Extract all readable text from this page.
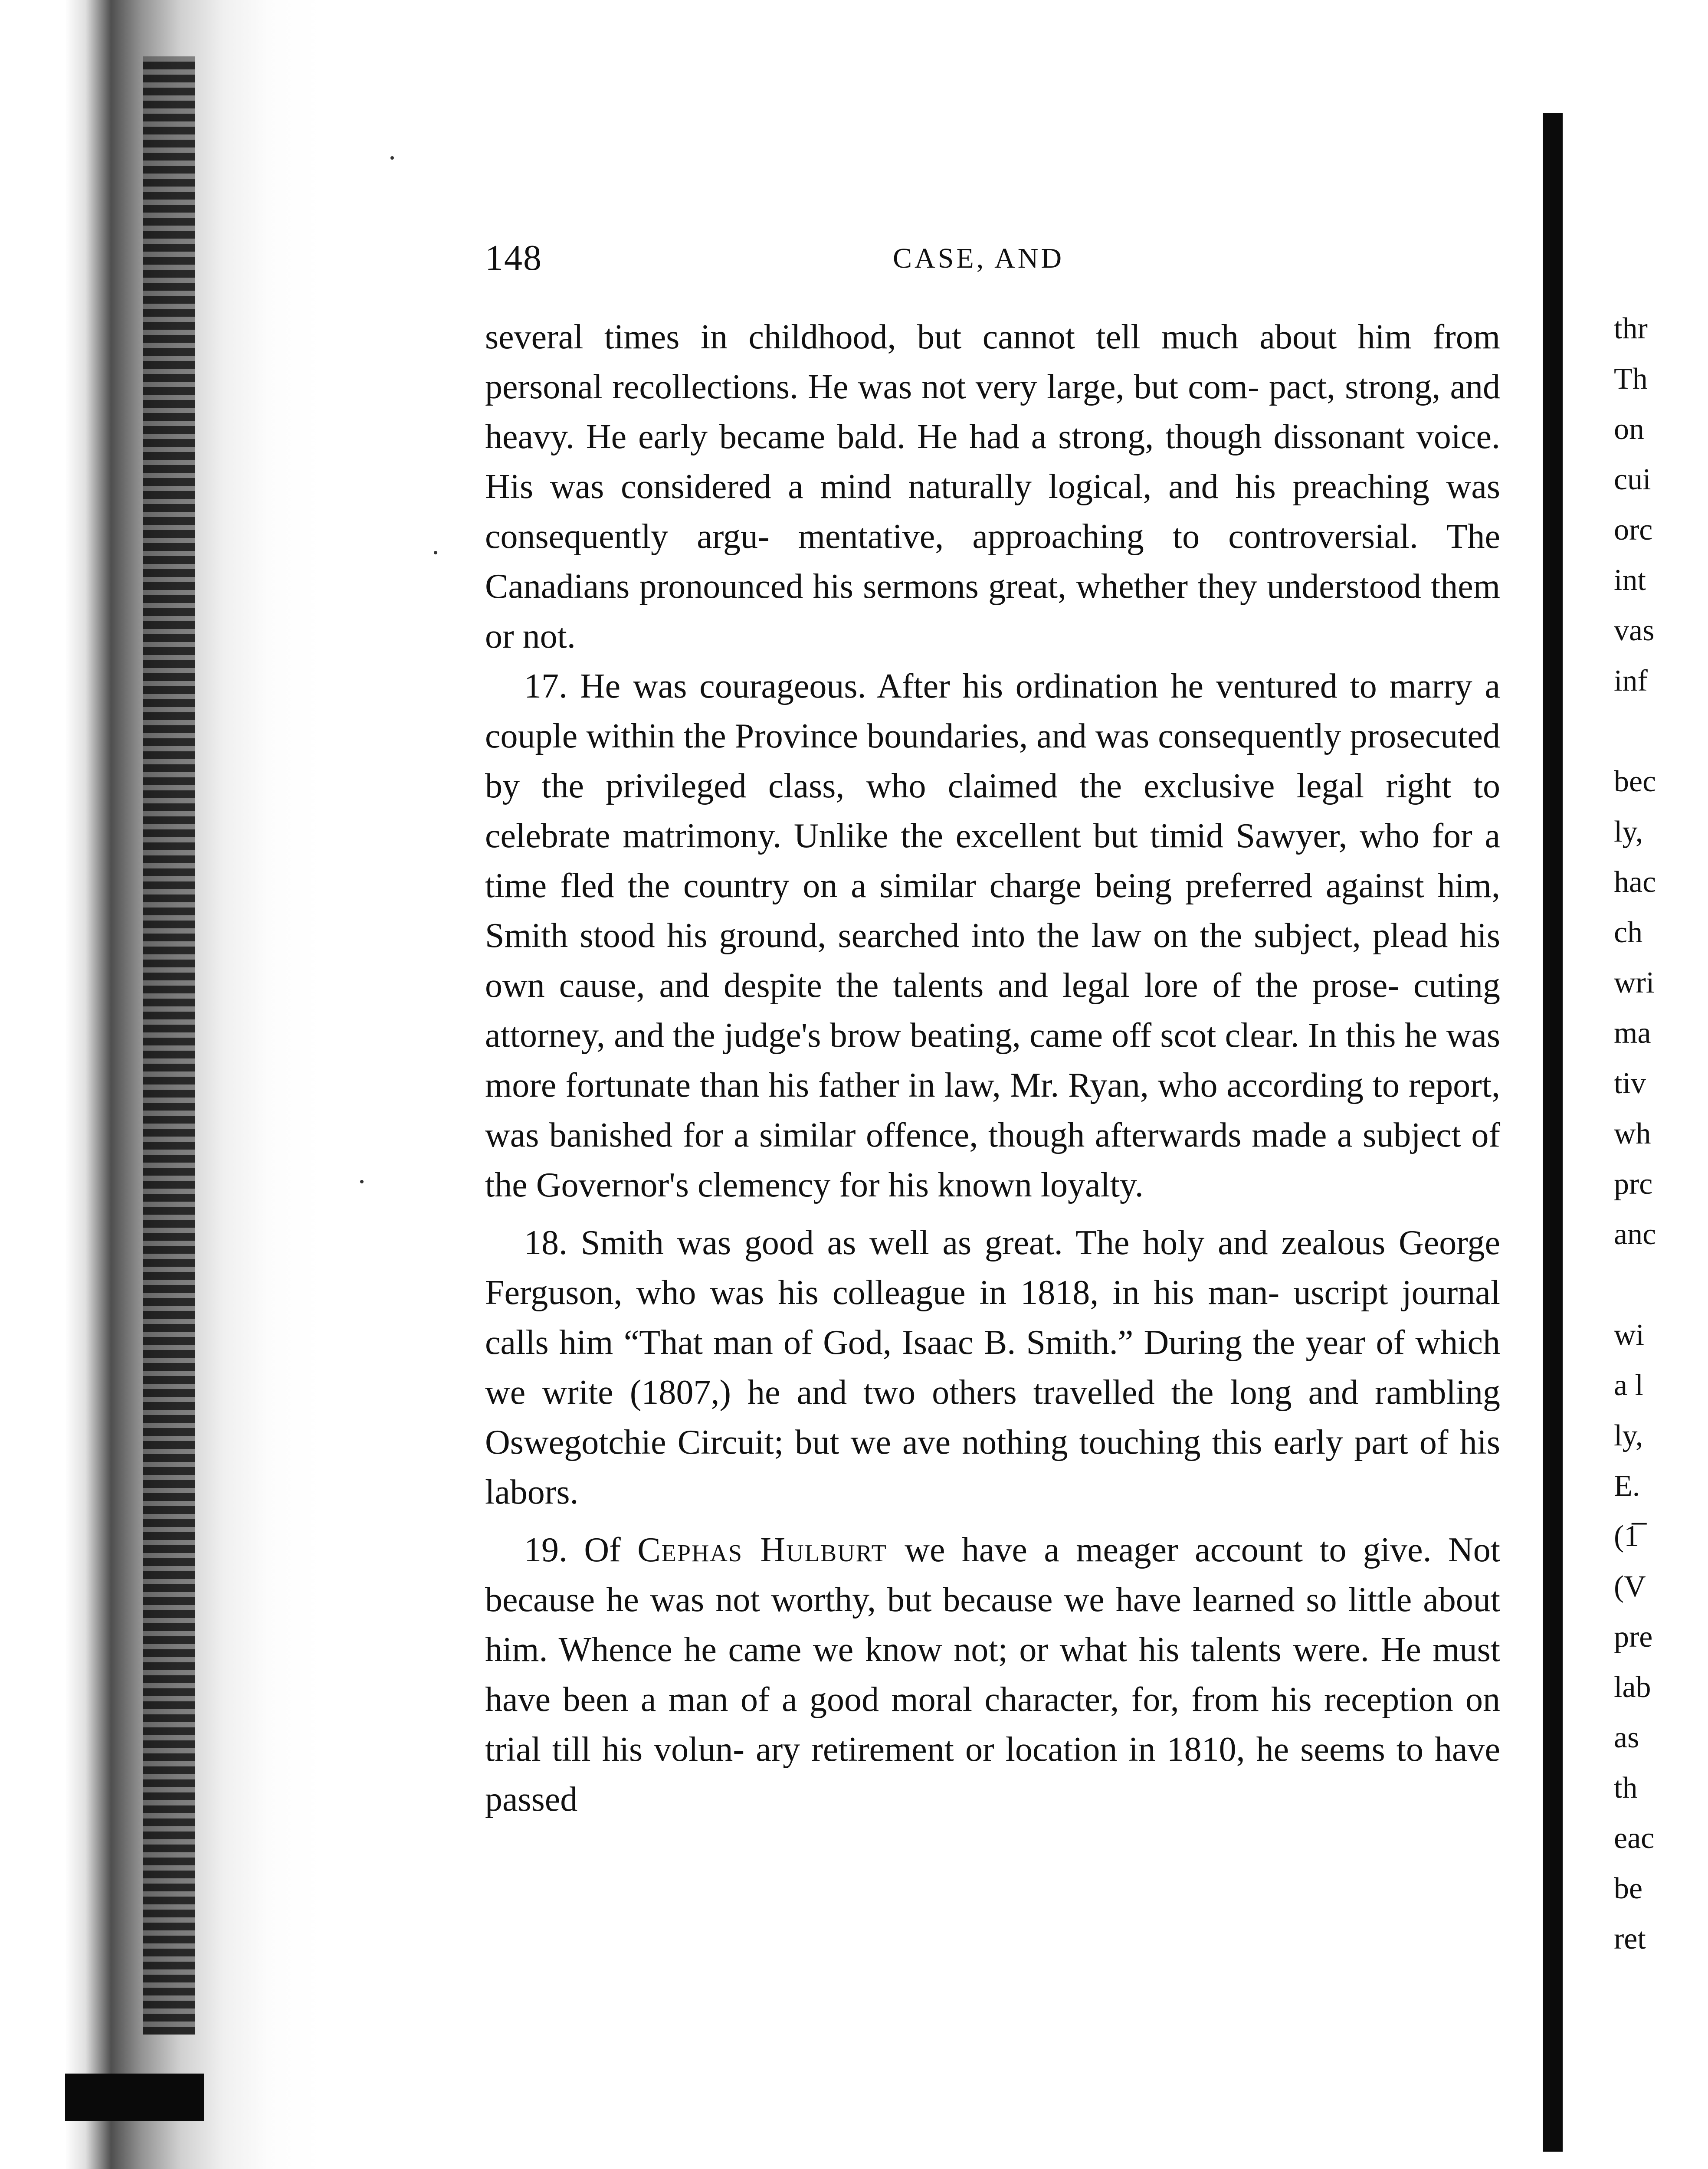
148	CASE, AND

several times in childhood, but cannot tell much about him from personal recollections. He was not very large, but com- pact, strong, and heavy. He early became bald. He had a strong, though dissonant voice. His was considered a mind naturally logical, and his preaching was consequently argu- mentative, approaching to controversial. The Canadians pronounced his sermons great, whether they understood them or not.

17. He was courageous. After his ordination he ventured to marry a couple within the Province boundaries, and was consequently prosecuted by the privileged class, who claimed the exclusive legal right to celebrate matrimony. Unlike the excellent but timid Sawyer, who for a time fled the country on a similar charge being preferred against him, Smith stood his ground, searched into the law on the subject, plead his own cause, and despite the talents and legal lore of the prose- cuting attorney, and the judge's brow beating, came off scot clear. In this he was more fortunate than his father in law, Mr. Ryan, who according to report, was banished for a similar offence, though afterwards made a subject of the Governor's clemency for his known loyalty.

18. Smith was good as well as great. The holy and zealous George Ferguson, who was his colleague in 1818, in his man- uscript journal calls him “That man of God, Isaac B. Smith.” During the year of which we write (1807,) he and two others travelled the long and rambling Oswegotchie Circuit; but we ave nothing touching this early part of his labors.

19. Of Cephas Hulburt we have a meager account to give. Not because he was not worthy, but because we have learned so little about him. Whence he came we know not; or what his talents were. He must have been a man of a good moral character, for, from his reception on trial till his volun- ary retirement or location in 1810, he seems to have passed

thr
Th
on
cui
orc
int
vas
inf
bec
ly,
hac
ch
wri
ma
tiv
wh
prc
anc
wi
a l
ly,
E.
(1̅
(V
pre
lab
as
th
eac
be
ret
